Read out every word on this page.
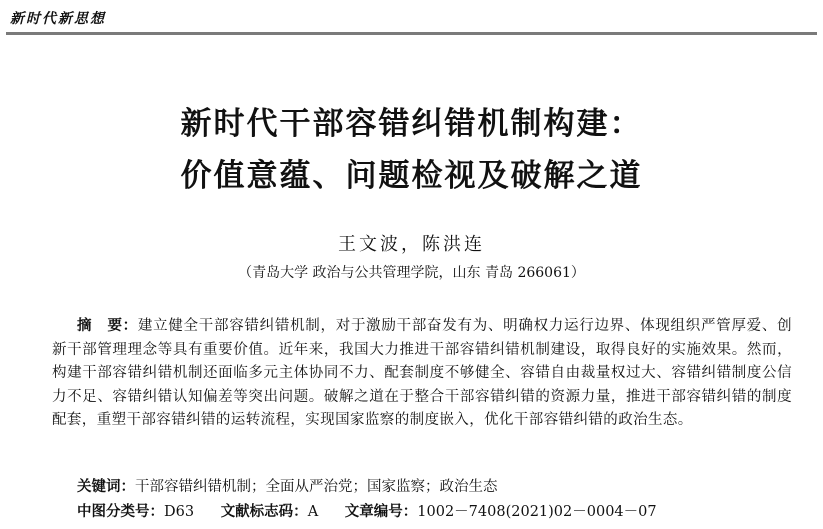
新时代新思想
新时代干部容错纠错机制构建：
价值意蕴、问题检视及破解之道
王文波，陈洪连
（青岛大学 政治与公共管理学院，山东 青岛 266061）
摘　要：建立健全干部容错纠错机制，对于激励干部奋发有为、明确权力运行边界、体现组织严管厚爱、创新干部管理理念等具有重要价值。近年来，我国大力推进干部容错纠错机制建设，取得良好的实施效果。然而，构建干部容错纠错机制还面临多元主体协同不力、配套制度不够健全、容错自由裁量权过大、容错纠错制度公信力不足、容错纠错认知偏差等突出问题。破解之道在于整合干部容错纠错的资源力量，推进干部容错纠错的制度配套，重塑干部容错纠错的运转流程，实现国家监察的制度嵌入，优化干部容错纠错的政治生态。
关键词：干部容错纠错机制；全面从严治党；国家监察；政治生态
中图分类号：D63 文献标志码：A 文章编号：1002－7408(2021)02－0004－07
